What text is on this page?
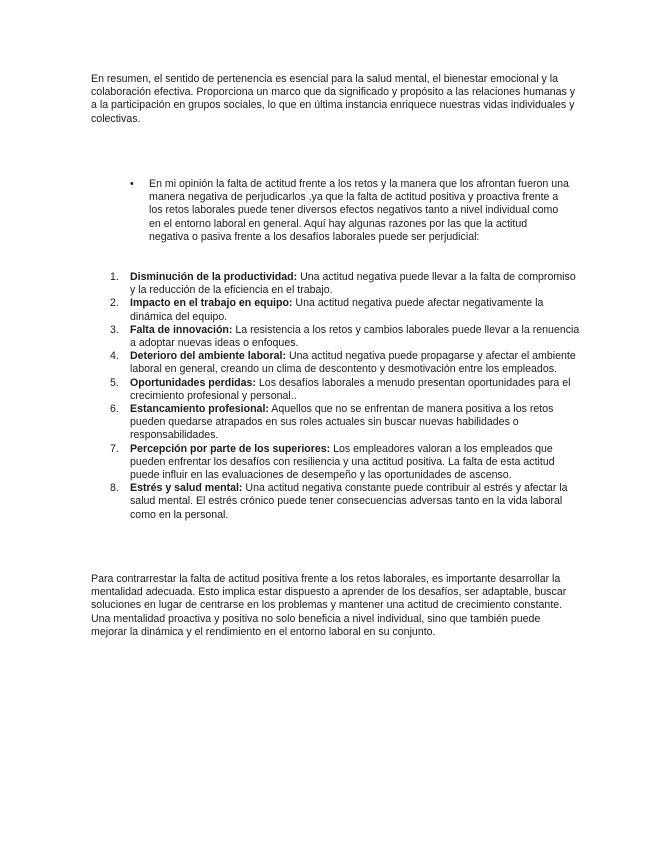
En resumen, el sentido de pertenencia es esencial para la salud mental, el bienestar emocional y la colaboración efectiva. Proporciona un marco que da significado y propósito a las relaciones humanas y a la participación en grupos sociales, lo que en última instancia enriquece nuestras vidas individuales y colectivas.

• En mi opinión la falta de actitud frente a los retos y la manera que los afrontan fueron una manera negativa de perjudicarlos ,ya que la falta de actitud positiva y proactiva frente a los retos laborales puede tener diversos efectos negativos tanto a nivel individual como en el entorno laboral en general. Aquí hay algunas razones por las que la actitud negativa o pasiva frente a los desafíos laborales puede ser perjudicial:

1. Disminución de la productividad: Una actitud negativa puede llevar a la falta de compromiso y la reducción de la eficiencia en el trabajo.
2. Impacto en el trabajo en equipo: Una actitud negativa puede afectar negativamente la dinámica del equipo.
3. Falta de innovación: La resistencia a los retos y cambios laborales puede llevar a la renuencia a adoptar nuevas ideas o enfoques.
4. Deterioro del ambiente laboral: Una actitud negativa puede propagarse y afectar el ambiente laboral en general, creando un clima de descontento y desmotivación entre los empleados.
5. Oportunidades perdidas: Los desafíos laborales a menudo presentan oportunidades para el crecimiento profesional y personal..
6. Estancamiento profesional: Aquellos que no se enfrentan de manera positiva a los retos pueden quedarse atrapados en sus roles actuales sin buscar nuevas habilidades o responsabilidades.
7. Percepción por parte de los superiores: Los empleadores valoran a los empleados que pueden enfrentar los desafíos con resiliencia y una actitud positiva. La falta de esta actitud puede influir en las evaluaciones de desempeño y las oportunidades de ascenso.
8. Estrés y salud mental: Una actitud negativa constante puede contribuir al estrés y afectar la salud mental. El estrés crónico puede tener consecuencias adversas tanto en la vida laboral como en la personal.

Para contrarrestar la falta de actitud positiva frente a los retos laborales, es importante desarrollar la mentalidad adecuada. Esto implica estar dispuesto a aprender de los desafíos, ser adaptable, buscar soluciones en lugar de centrarse en los problemas y mantener una actitud de crecimiento constante. Una mentalidad proactiva y positiva no solo beneficia a nivel individual, sino que también puede mejorar la dinámica y el rendimiento en el entorno laboral en su conjunto.
